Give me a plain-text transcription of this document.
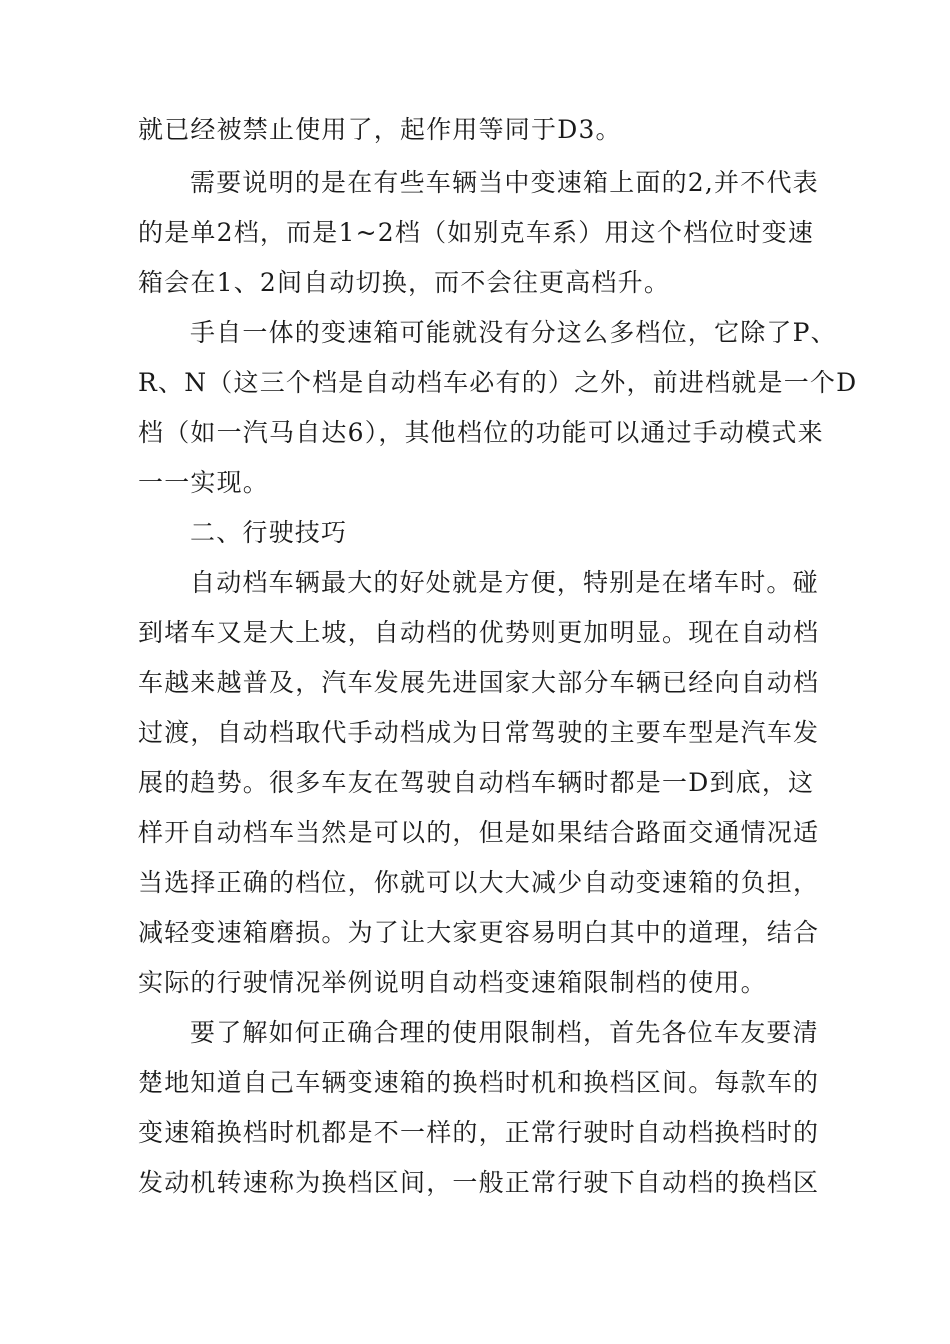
就已经被禁止使用了，起作用等同于D3。
需要说明的是在有些车辆当中变速箱上面的2,并不代表
的是单2档，而是1~2档（如别克车系）用这个档位时变速
箱会在1、2间自动切换，而不会往更高档升。
手自一体的变速箱可能就没有分这么多档位，它除了P、
R、N（这三个档是自动档车必有的）之外，前进档就是一个D
档（如一汽马自达6），其他档位的功能可以通过手动模式来
一一实现。
二、行驶技巧
自动档车辆最大的好处就是方便，特别是在堵车时。碰
到堵车又是大上坡，自动档的优势则更加明显。现在自动档
车越来越普及，汽车发展先进国家大部分车辆已经向自动档
过渡，自动档取代手动档成为日常驾驶的主要车型是汽车发
展的趋势。很多车友在驾驶自动档车辆时都是一D到底，这
样开自动档车当然是可以的，但是如果结合路面交通情况适
当选择正确的档位，你就可以大大减少自动变速箱的负担，
减轻变速箱磨损。为了让大家更容易明白其中的道理，结合
实际的行驶情况举例说明自动档变速箱限制档的使用。
要了解如何正确合理的使用限制档，首先各位车友要清
楚地知道自己车辆变速箱的换档时机和换档区间。每款车的
变速箱换档时机都是不一样的，正常行驶时自动档换档时的
发动机转速称为换档区间，一般正常行驶下自动档的换档区
